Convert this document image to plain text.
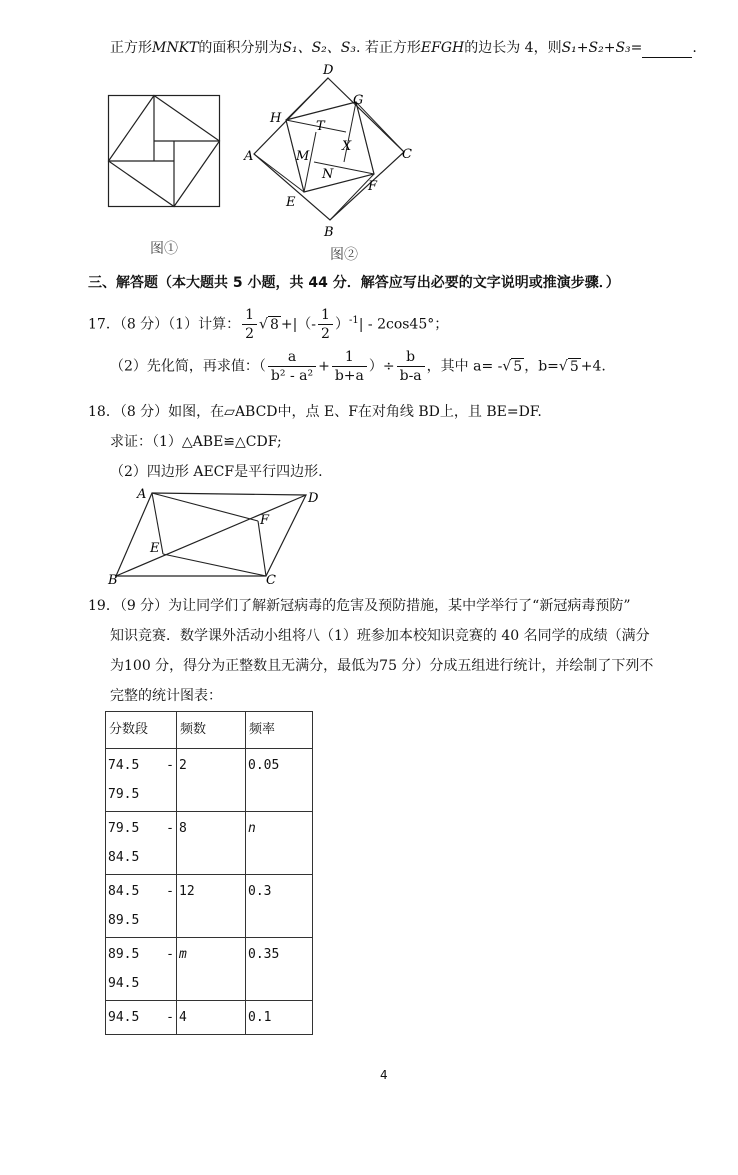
正方形MNKT的面积分别为S₁、S₂、S₃. 若正方形EFGH的边长为 4，则S₁+S₂+S₃=	.
图①
D
G
H
T
A
X
C
M
N
E
F
B
图②
三、解答题（本大题共 5 小题，共 44 分．解答应写出必要的文字说明或推演步骤．）
17．（8 分）（1）计算： $\frac{1}{2}$ √ 8 +|（- $\frac{1}{2} )^{-1}| - 2\cos 45^\circ$；
（2）先化简，再求值：（ $\frac{a}{\text{b² - a²}} + \frac{1}{b+a}$ ）÷ $\frac{b}{b-a}$ ，其中 a= -√ 5 ，b=√ 5 +4.
18．（8 分）如图，在▱ABCD中，点 E、F在对角线 BD上，且 BE=DF.
求证：（1）△ABE≌△CDF;
（2）四边形 AECF是平行四边形.
A	D
F
E
B	C
19．（9 分）为让同学们了解新冠病毒的危害及预防措施，某中学举行了“新冠病毒预防”
知识竞赛．数学课外活动小组将八（1）班参加本校知识竞赛的 40 名同学的成绩（满分
为100 分，得分为正整数且无满分，最低为75 分）分成五组进行统计，并绘制了下列不
完整的统计图表：
分数段	频数	频率
74.5 -

79.5	2	0.05
79.5 -

84.5	8	n
84.5 -

89.5	12	0.3
89.5 -

94.5	m	0.35
94.5 -	4	0.1
4
